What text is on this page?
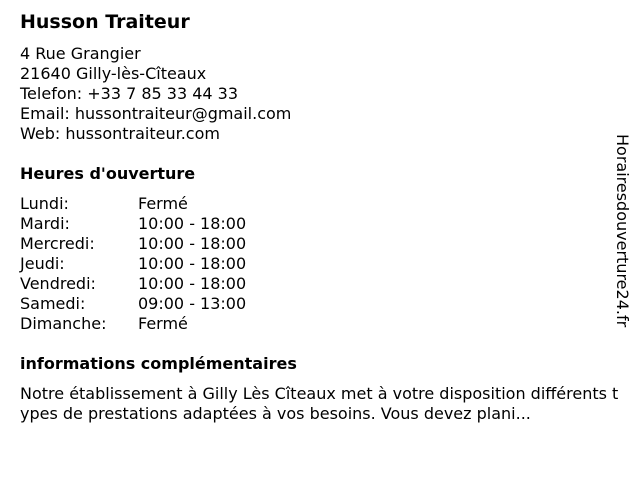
Husson Traiteur
4 Rue Grangier
21640 Gilly-lès-Cîteaux
Telefon: +33 7 85 33 44 33
Email: hussontraiteur@gmail.com
Web: hussontraiteur.com
Heures d'ouverture
Lundi:	Fermé
Mardi:	10:00 - 18:00
Mercredi:	10:00 - 18:00
Jeudi:	10:00 - 18:00
Vendredi:	10:00 - 18:00
Samedi:	09:00 - 13:00
Dimanche: Fermé
informations complémentaires
Notre établissement à Gilly Lès Cîteaux met à votre disposition différents types de prestations adaptées à vos besoins. Vous devez plani...
Horairesdouverture24.fr
